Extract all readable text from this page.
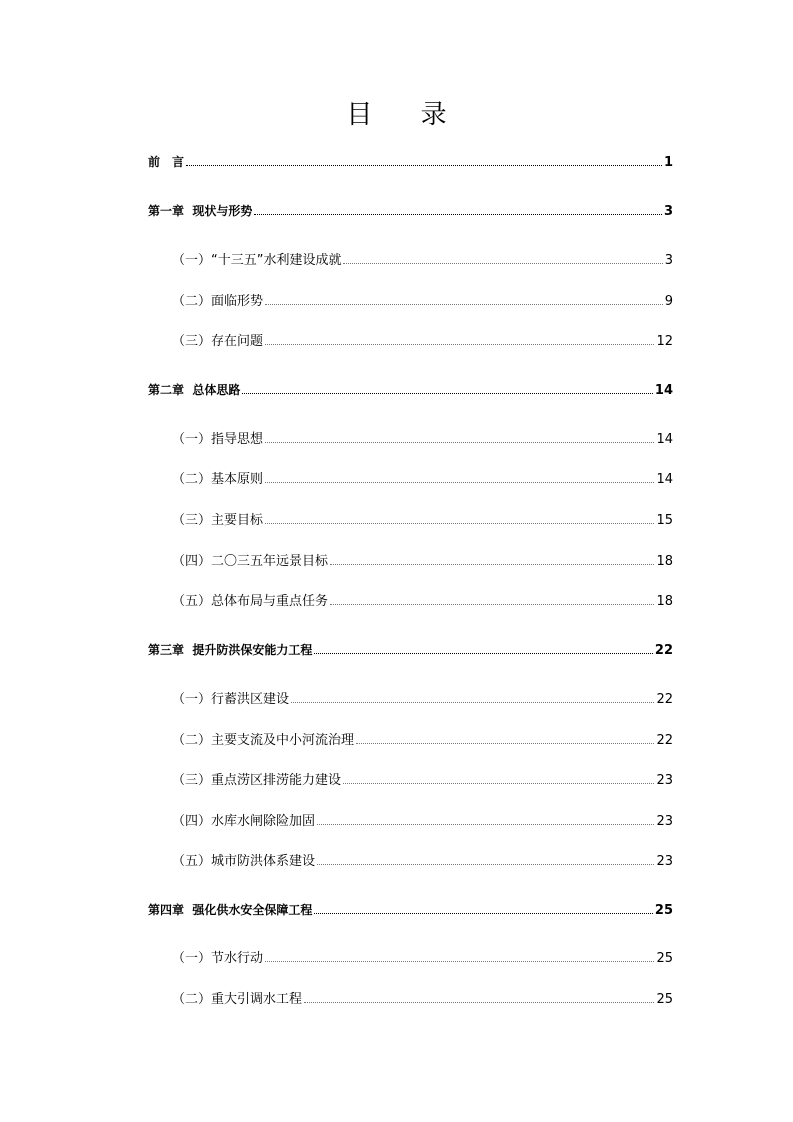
目 录
前　言	1
第一章  现状与形势	3
（一）“十三五”水利建设成就	3
（二）面临形势	9
（三）存在问题	12
第二章  总体思路	14
（一）指导思想	14
（二）基本原则	14
（三）主要目标	15
（四）二〇三五年远景目标	18
（五）总体布局与重点任务	18
第三章  提升防洪保安能力工程	22
（一）行蓄洪区建设	22
（二）主要支流及中小河流治理	22
（三）重点涝区排涝能力建设	23
（四）水库水闸除险加固	23
（五）城市防洪体系建设	23
第四章  强化供水安全保障工程	25
（一）节水行动	25
（二）重大引调水工程	25
